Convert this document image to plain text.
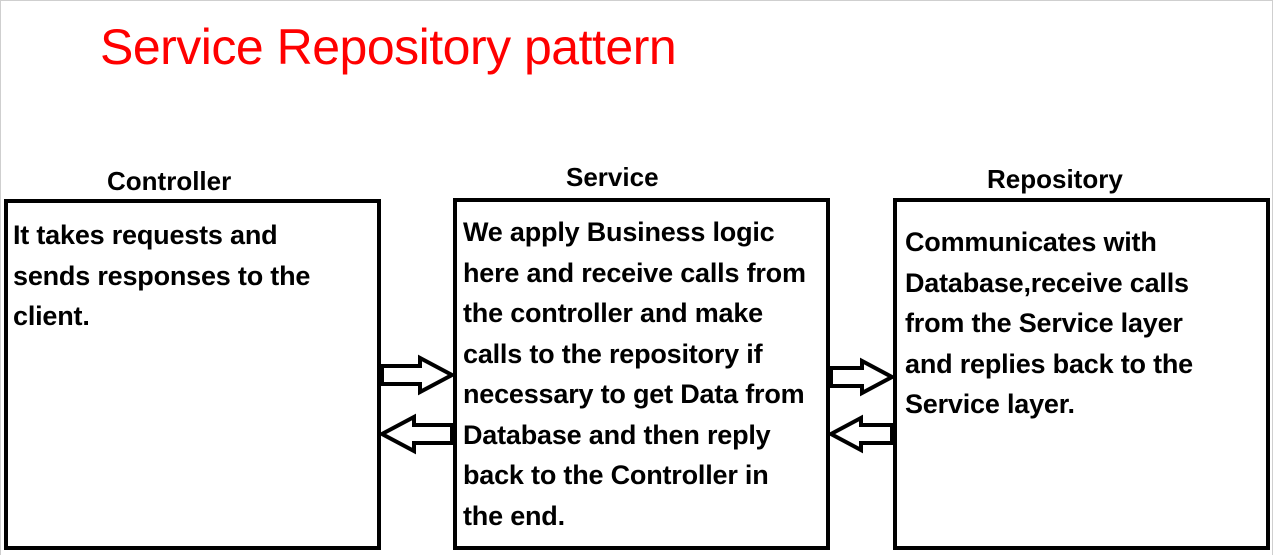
Service Repository pattern
Controller
It takes requests and
sends responses to the
client.
Service
We apply Business logic
here and receive calls from
the controller and make
calls to the repository if
necessary to get Data from
Database and then reply
back to the Controller in
the end.
Repository
Communicates with
Database,receive calls
from the Service layer
and replies back to the
Service layer.
